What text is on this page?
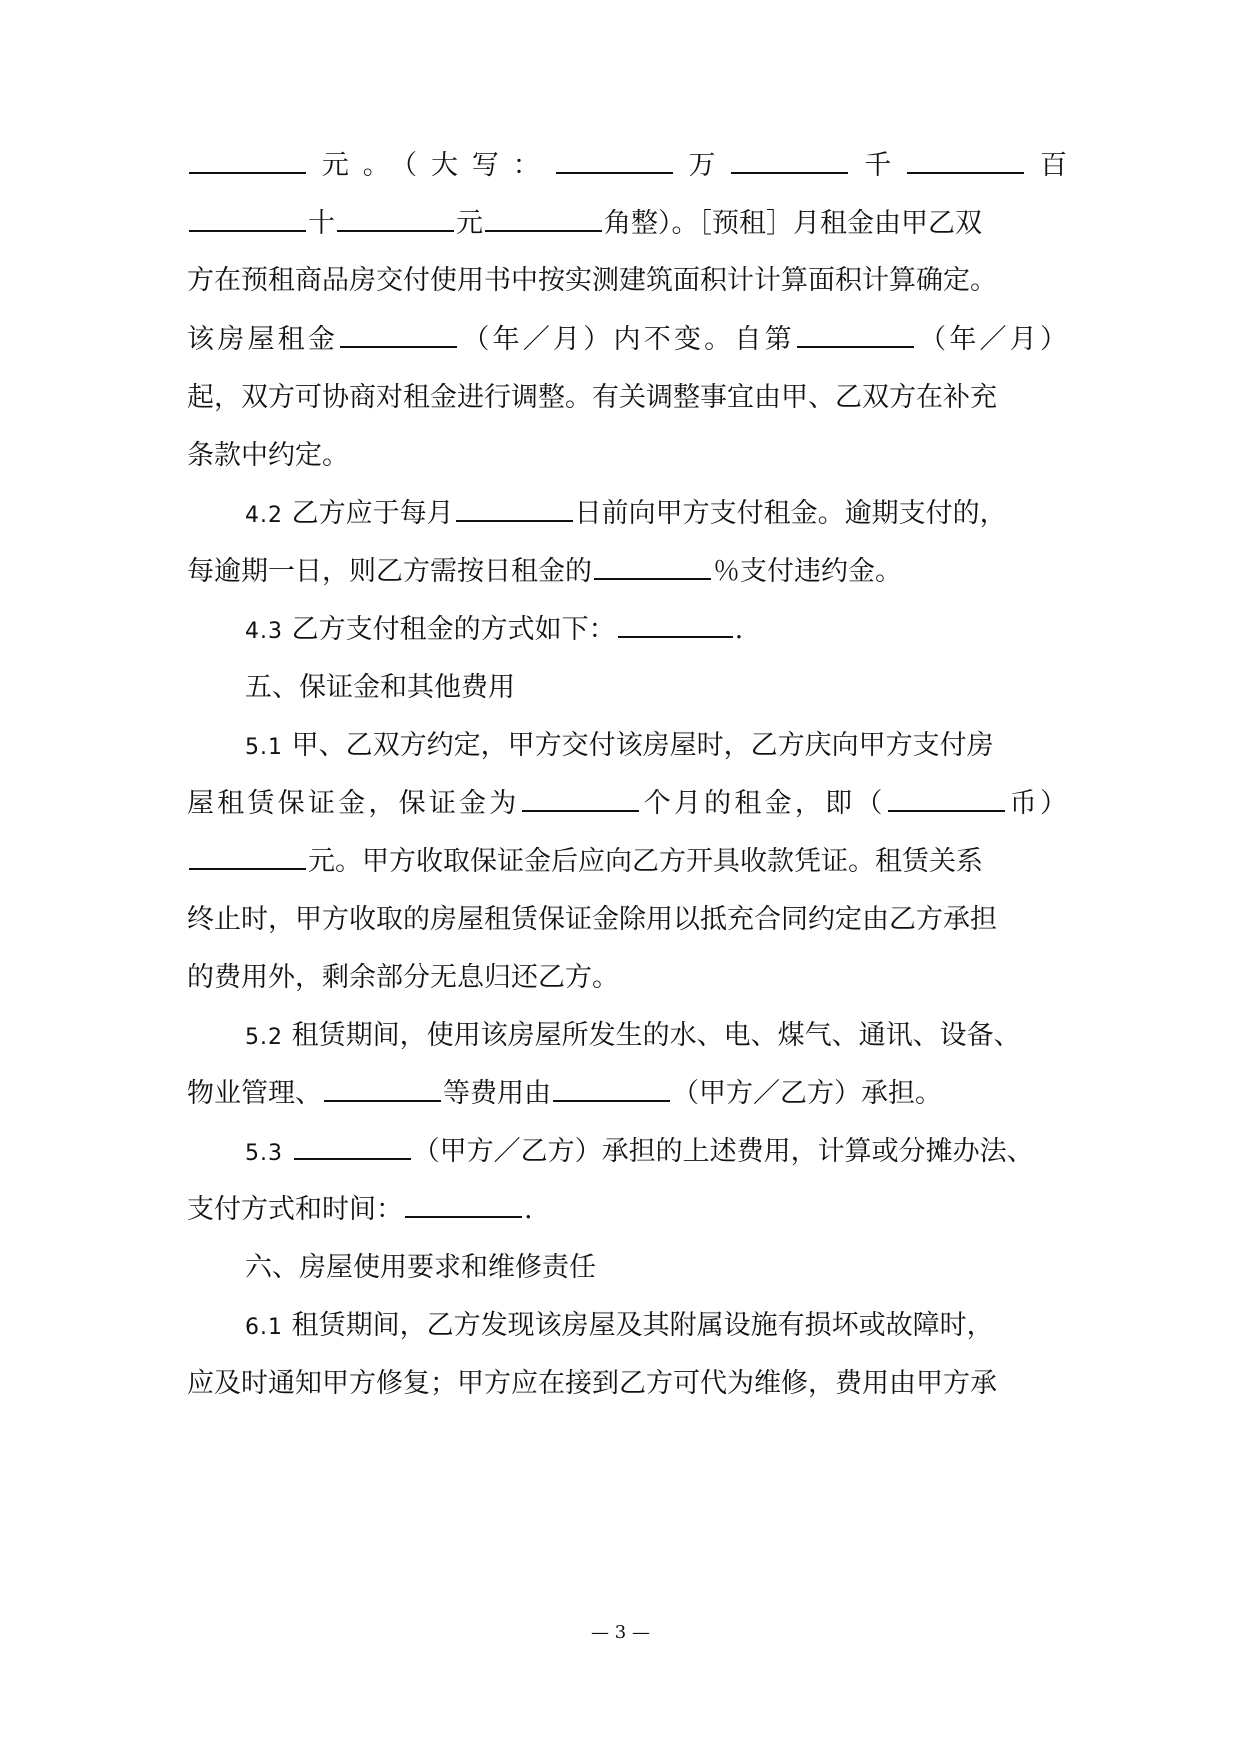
元。（大写：	万	千	百
十	元	角整）。［预租］月租金由甲乙双
方在预租商品房交付使用书中按实测建筑面积计计算面积计算确定。
该房屋租金	（年／月）内不变。自第	（年／月）
起，双方可协商对租金进行调整。有关调整事宜由甲、乙双方在补充
条款中约定。
4.2 乙方应于每月	日前向甲方支付租金。逾期支付的，
每逾期一日，则乙方需按日租金的	％支付违约金。
4.3 乙方支付租金的方式如下：	.
五、保证金和其他费用
5.1 甲、乙双方约定，甲方交付该房屋时，乙方庆向甲方支付房
屋租赁保证金，保证金为	个月的租金，即（	币）
元。甲方收取保证金后应向乙方开具收款凭证。租赁关系
终止时，甲方收取的房屋租赁保证金除用以抵充合同约定由乙方承担
的费用外，剩余部分无息归还乙方。
5.2 租赁期间，使用该房屋所发生的水、电、煤气、通讯、设备、
物业管理、	等费用由	（甲方／乙方）承担。
5.3	（甲方／乙方）承担的上述费用，计算或分摊办法、
支付方式和时间：	.
六、房屋使用要求和维修责任
6.1 租赁期间，乙方发现该房屋及其附属设施有损坏或故障时，
应及时通知甲方修复；甲方应在接到乙方可代为维修，费用由甲方承
— 3 —
